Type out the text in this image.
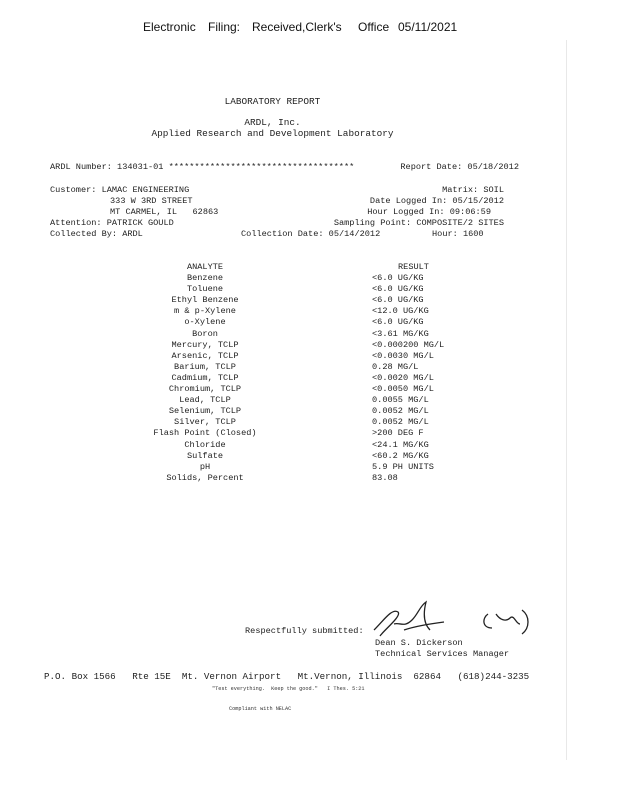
Electronic Filing: Received,Clerk's Office 05/11/2021
LABORATORY REPORT
ARDL, Inc.
Applied Research and Development Laboratory
ARDL Number: 134031-01 ************************************	Report Date: 05/18/2012
Customer: LAMAC ENGINEERING
333 W 3RD STREET
MT CARMEL, IL   62863
Attention: PATRICK GOULD
Collected By: ARDL
Matrix: SOIL
Date Logged In: 05/15/2012
Hour Logged In: 09:06:59
Sampling Point: COMPOSITE/2 SITES
Collection Date: 05/14/2012	Hour: 1600
ANALYTE	RESULT
Benzene	<6.0 UG/KG
Toluene	<6.0 UG/KG
Ethyl Benzene	<6.0 UG/KG
m & p-Xylene	<12.0 UG/KG
o-Xylene	<6.0 UG/KG
Boron	<3.61 MG/KG
Mercury, TCLP	<0.000200 MG/L
Arsenic, TCLP	<0.0030 MG/L
Barium, TCLP	0.28 MG/L
Cadmium, TCLP	<0.0020 MG/L
Chromium, TCLP	<0.0050 MG/L
Lead, TCLP	0.0055 MG/L
Selenium, TCLP	0.0052 MG/L
Silver, TCLP	0.0052 MG/L
Flash Point (Closed)	>200 DEG F
Chloride	<24.1 MG/KG
Sulfate	<60.2 MG/KG
pH	5.9 PH UNITS
Solids, Percent	83.08
Respectfully submitted:
Dean S. Dickerson
Technical Services Manager
P.O. Box 1566   Rte 15E  Mt. Vernon Airport   Mt.Vernon, Illinois  62864   (618)244-3235
"Test everything.  Keep the good."   I Thes. 5:21
Compliant with NELAC
